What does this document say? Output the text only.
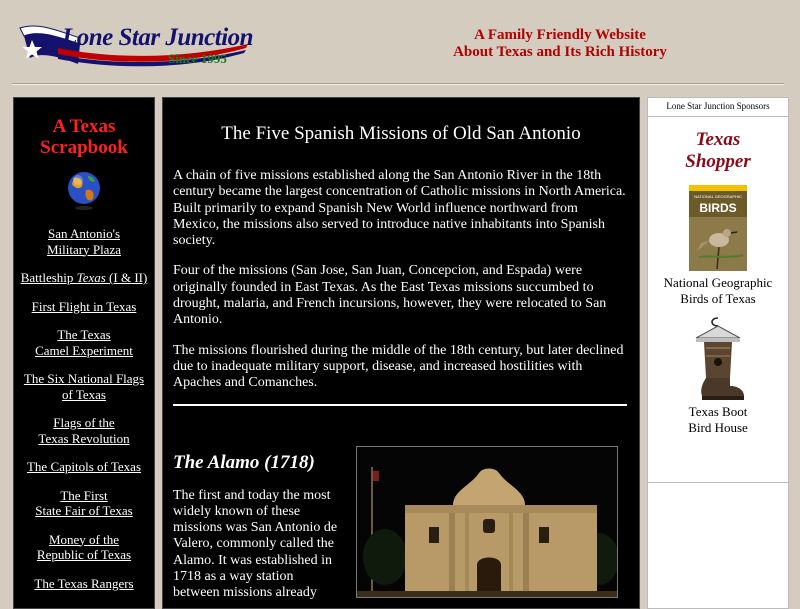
Lone Star Junction
Since 1995
A Family Friendly Website
About Texas and Its Rich History
A Texas
Scrapbook
San Antonio's
Military Plaza
Battleship Texas (I & II)
First Flight in Texas
The Texas
Camel Experiment
The Six National Flags
of Texas
Flags of the
Texas Revolution
The Capitols of Texas
The First
State Fair of Texas
Money of the
Republic of Texas
The Texas Rangers
The Five Spanish Missions of Old San Antonio

A chain of five missions established along the San Antonio River in the 18th century became the largest concentration of Catholic missions in North America. Built primarily to expand Spanish New World influence northward from Mexico, the missions also served to introduce native inhabitants into Spanish society.

Four of the missions (San Jose, San Juan, Concepcion, and Espada) were originally founded in East Texas. As the East Texas missions succumbed to drought, malaria, and French incursions, however, they were relocated to San Antonio.

The missions flourished during the middle of the 18th century, but later declined due to inadequate military support, disease, and increased hostilities with Apaches and Comanches.

The Alamo (1718)
The first and today the most widely known of these missions was San Antonio de Valero, commonly called the Alamo. It was established in 1718 as a way station between missions already
Lone Star Junction Sponsors
Texas
Shopper
NATIONAL GEOGRAPHIC
BIRDS
National Geographic
Birds of Texas
Texas Boot
Bird House
